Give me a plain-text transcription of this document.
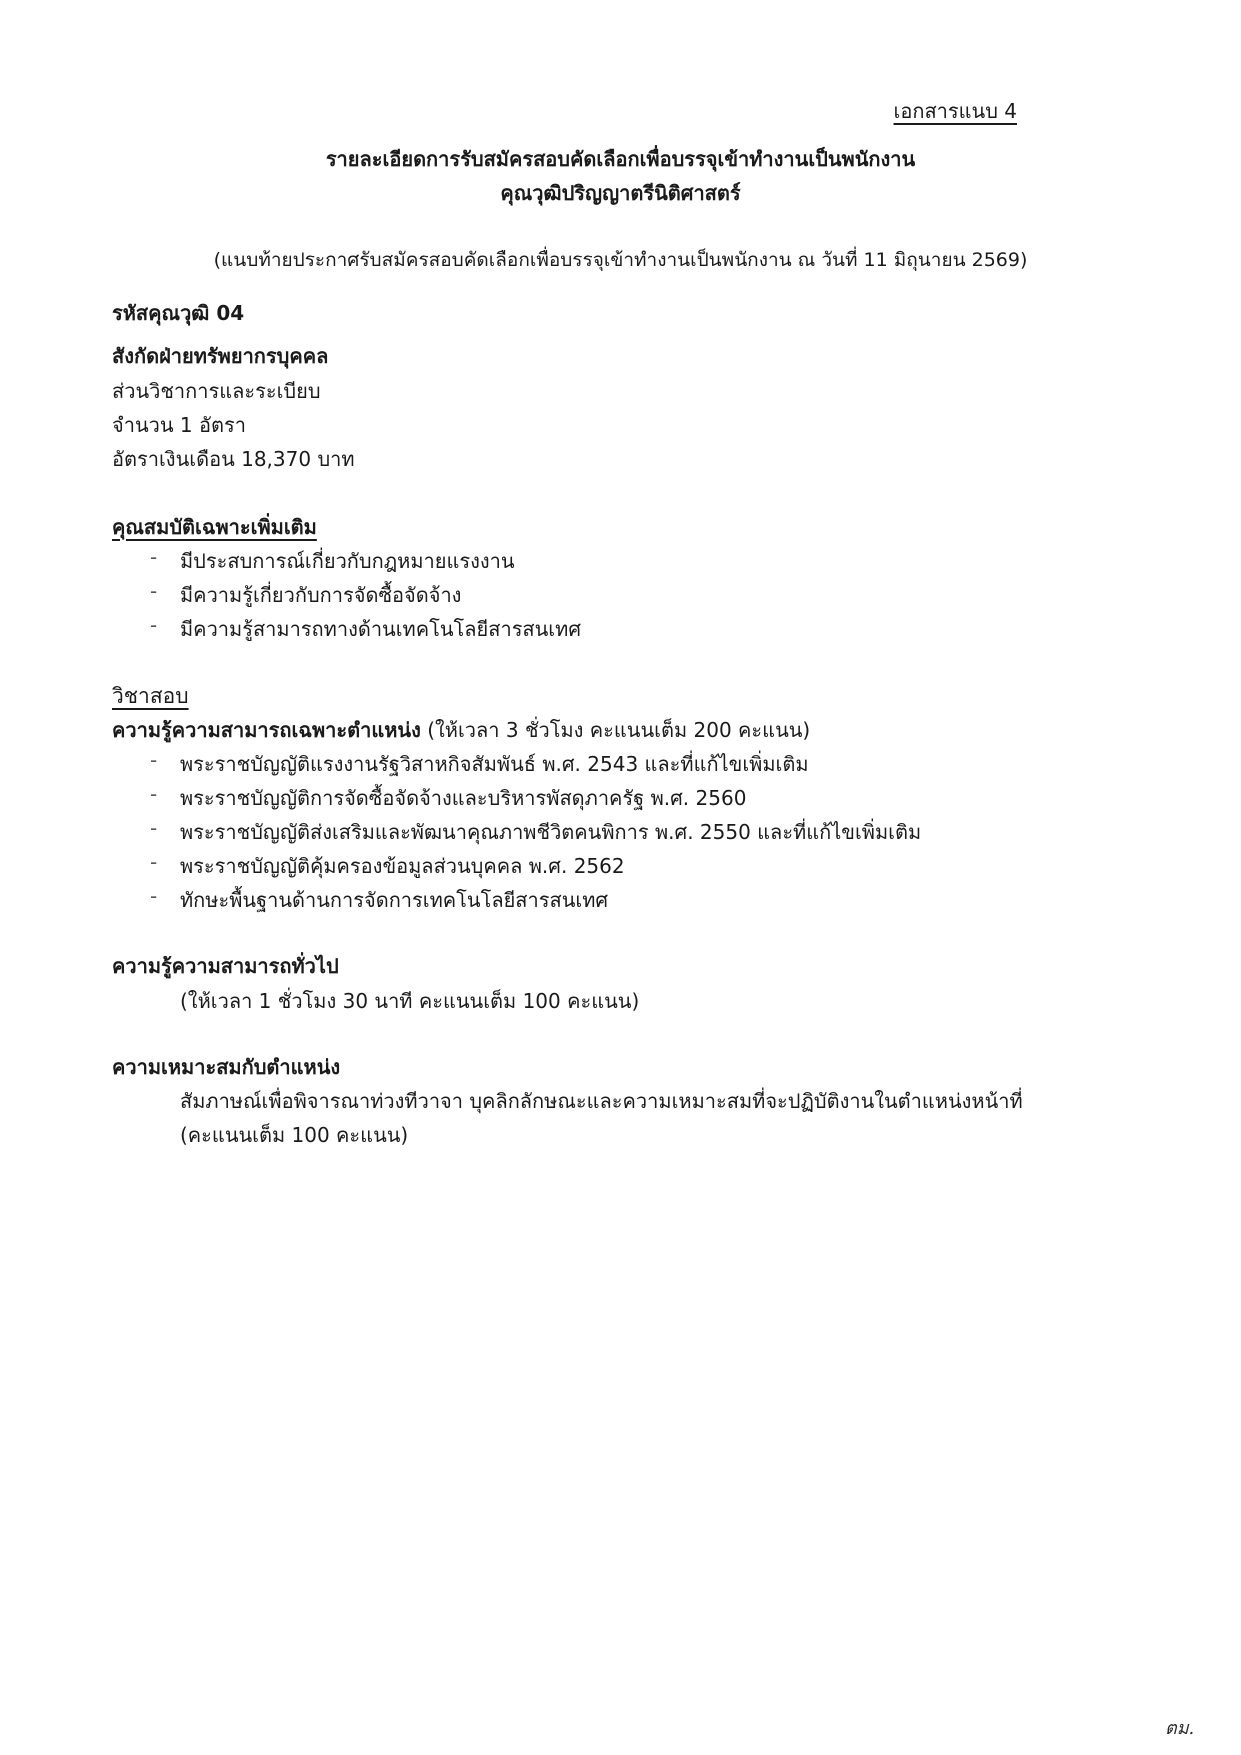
เอกสารแนบ 4
รายละเอียดการรับสมัครสอบคัดเลือกเพื่อบรรจุเข้าทำงานเป็นพนักงาน
คุณวุฒิปริญญาตรีนิติศาสตร์
(แนบท้ายประกาศรับสมัครสอบคัดเลือกเพื่อบรรจุเข้าทำงานเป็นพนักงาน ณ วันที่ 11 มิถุนายน 2569)
รหัสคุณวุฒิ 04
สังกัดฝ่ายทรัพยากรบุคคล
ส่วนวิชาการและระเบียบ
จำนวน 1 อัตรา
อัตราเงินเดือน 18,370 บาท
คุณสมบัติเฉพาะเพิ่มเติม
- มีประสบการณ์เกี่ยวกับกฎหมายแรงงาน
- มีความรู้เกี่ยวกับการจัดซื้อจัดจ้าง
- มีความรู้สามารถทางด้านเทคโนโลยีสารสนเทศ
วิชาสอบ
ความรู้ความสามารถเฉพาะตำแหน่ง (ให้เวลา 3 ชั่วโมง คะแนนเต็ม 200 คะแนน)
- พระราชบัญญัติแรงงานรัฐวิสาหกิจสัมพันธ์ พ.ศ. 2543 และที่แก้ไขเพิ่มเติม
- พระราชบัญญัติการจัดซื้อจัดจ้างและบริหารพัสดุภาครัฐ พ.ศ. 2560
- พระราชบัญญัติส่งเสริมและพัฒนาคุณภาพชีวิตคนพิการ พ.ศ. 2550 และที่แก้ไขเพิ่มเติม
- พระราชบัญญัติคุ้มครองข้อมูลส่วนบุคคล พ.ศ. 2562
- ทักษะพื้นฐานด้านการจัดการเทคโนโลยีสารสนเทศ
ความรู้ความสามารถทั่วไป
(ให้เวลา 1 ชั่วโมง 30 นาที คะแนนเต็ม 100 คะแนน)
ความเหมาะสมกับตำแหน่ง
สัมภาษณ์เพื่อพิจารณาท่วงทีวาจา บุคลิกลักษณะและความเหมาะสมที่จะปฏิบัติงานในตำแหน่งหน้าที่
(คะแนนเต็ม 100 คะแนน)
ตม.
